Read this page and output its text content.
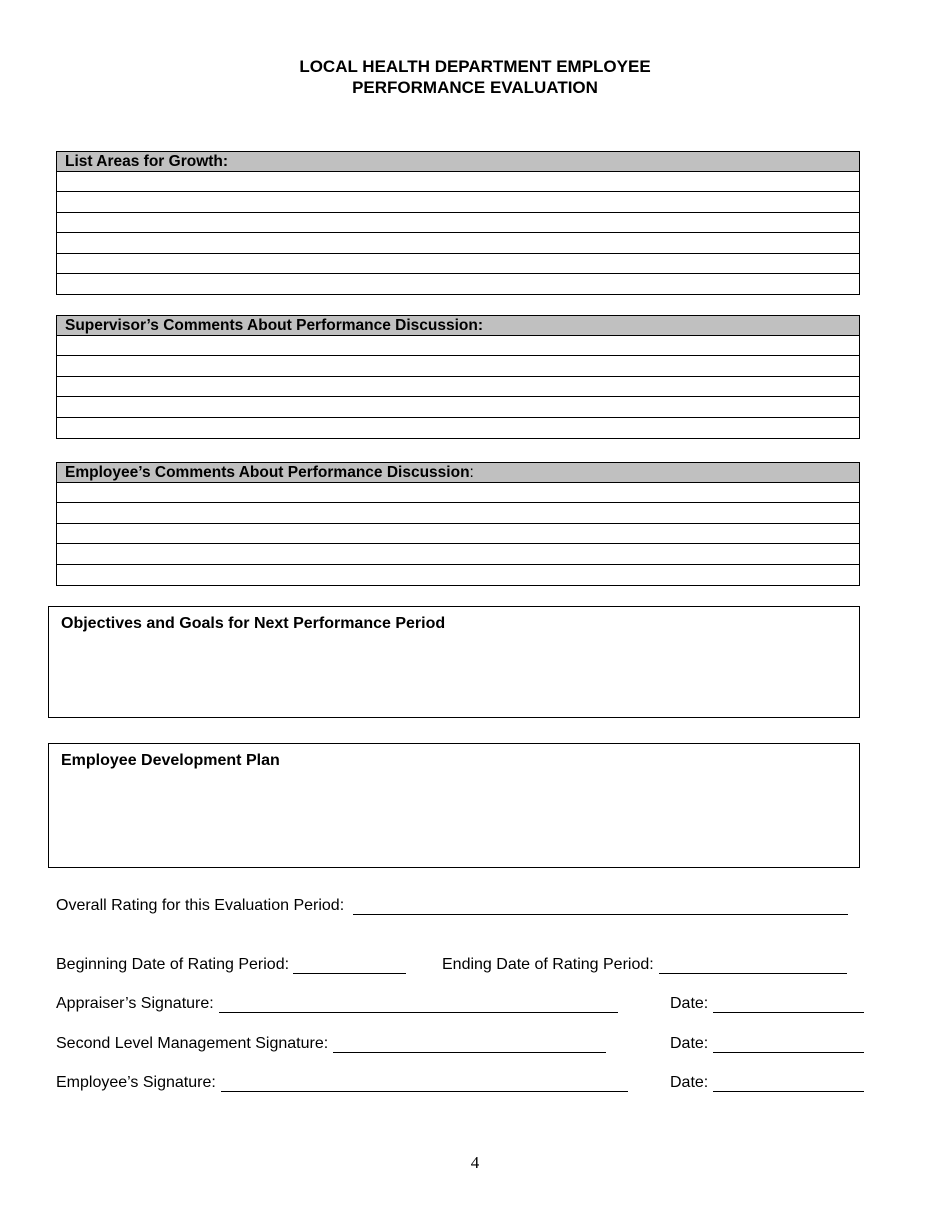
LOCAL HEALTH DEPARTMENT EMPLOYEE
PERFORMANCE EVALUATION
List Areas for Growth:
Supervisor’s Comments About Performance Discussion:
Employee’s Comments About Performance Discussion:
Objectives and Goals for Next Performance Period
Employee Development Plan
Overall Rating for this Evaluation Period:
Beginning Date of Rating Period:	Ending Date of Rating Period:
Appraiser’s Signature:	Date:
Second Level Management Signature:	Date:
Employee’s Signature:	Date:
4
